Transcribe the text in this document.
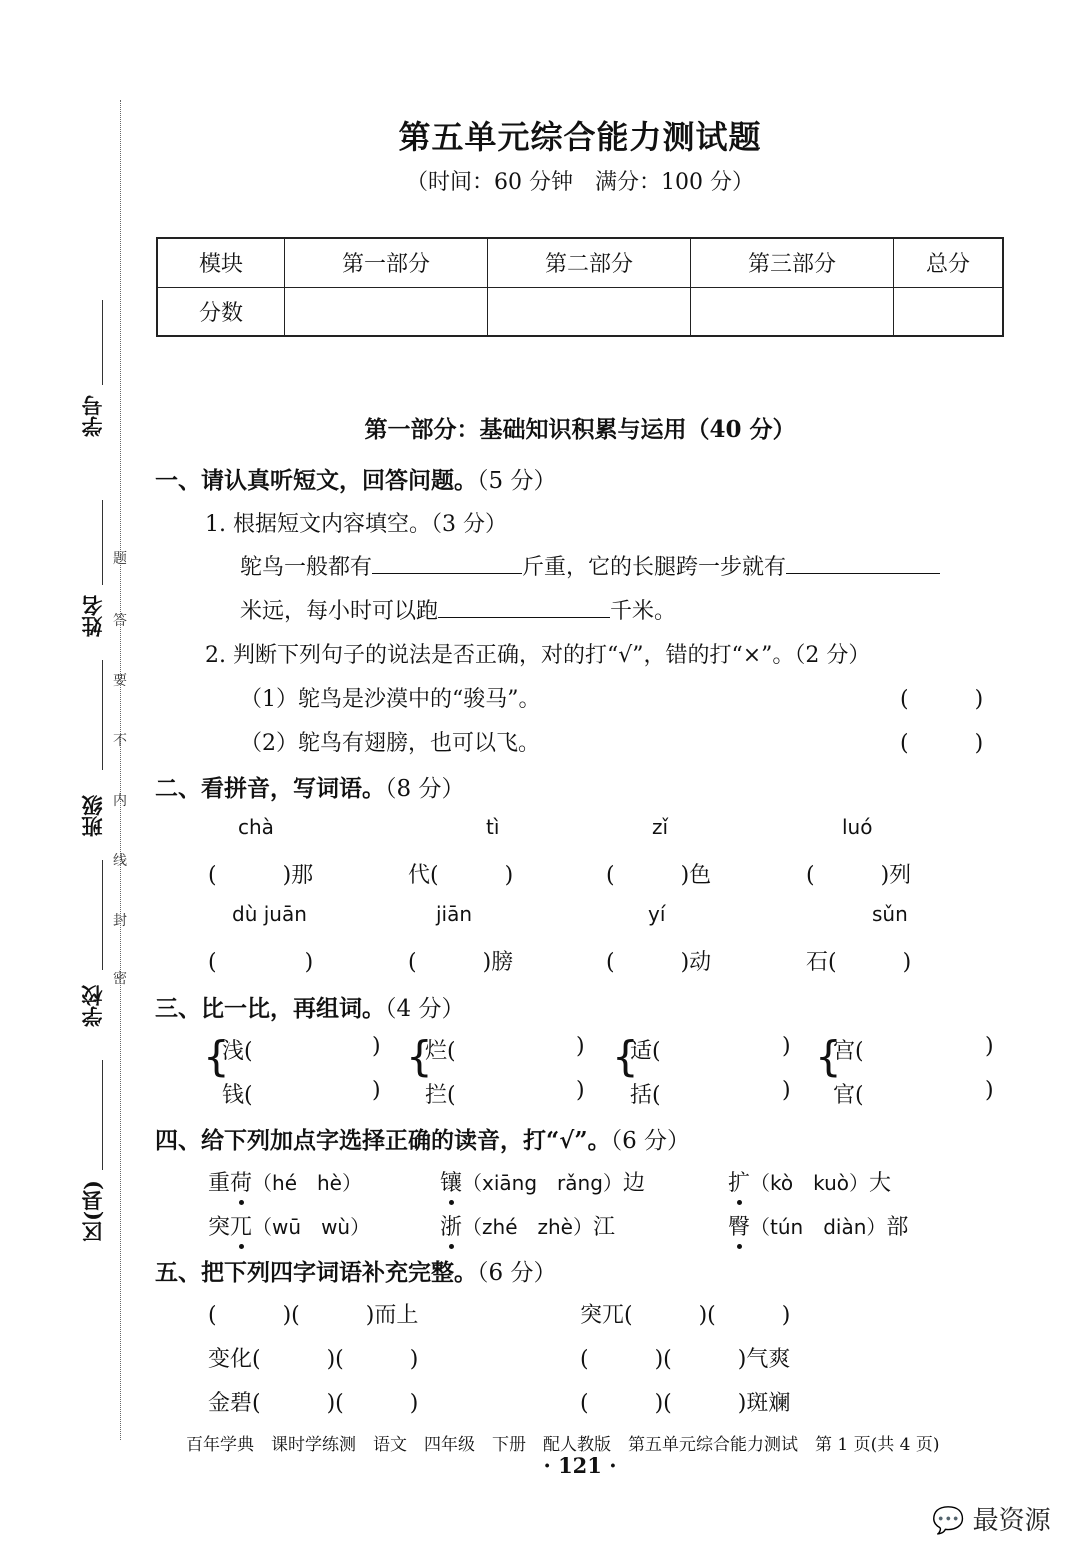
学号
姓名
班级
学校
区(县)
题
答
要
不
内
线
封
密
第五单元综合能力测试题
（时间：60 分钟　满分：100 分）
模块	第一部分	第二部分	第三部分	总分
分数				
第一部分：基础知识积累与运用（40 分）
一、请认真听短文，回答问题。（5 分）
1. 根据短文内容填空。（3 分）
鸵鸟一般都有	斤重，它的长腿跨一步就有
米远，每小时可以跑	千米。
2. 判断下列句子的说法是否正确，对的打“√”，错的打“×”。（2 分）
（1）鸵鸟是沙漠中的“骏马”。	(　　　)
（2）鸵鸟有翅膀，也可以飞。	(　　　)
二、看拼音，写词语。（8 分）
chà	tì	zǐ	luó
(　　　)那	代(　　　)	(　　　)色	(　　　)列
dù juān	jiān	yí	sǔn
(　　　　)	(　　　)膀	(　　　)动	石(　　　)
三、比一比，再组词。（4 分）
{	{	{	{
浅(	) 烂(	) 适(	) 宫(	)
钱(	) 拦(	) 括(	) 官(	)
四、给下列加点字选择正确的读音，打“√”。（6 分）
重荷（hé　hè）	镶（xiāng　rǎng）边	扩（kò　kuò）大
突兀（wū　wù）	浙（zhé　zhè）江	臀（tún　diàn）部
五、把下列四字词语补充完整。（6 分）
(　　　)(　　　)而上	突兀(　　　)(　　　)
变化(　　　)(　　　)	(　　　)(　　　)气爽
金碧(　　　)(　　　)	(　　　)(　　　)斑斓
百年学典　课时学练测　语文　四年级　下册　配人教版　第五单元综合能力测试　第 1 页(共 4 页)
· 121 ·
💬 最资源
